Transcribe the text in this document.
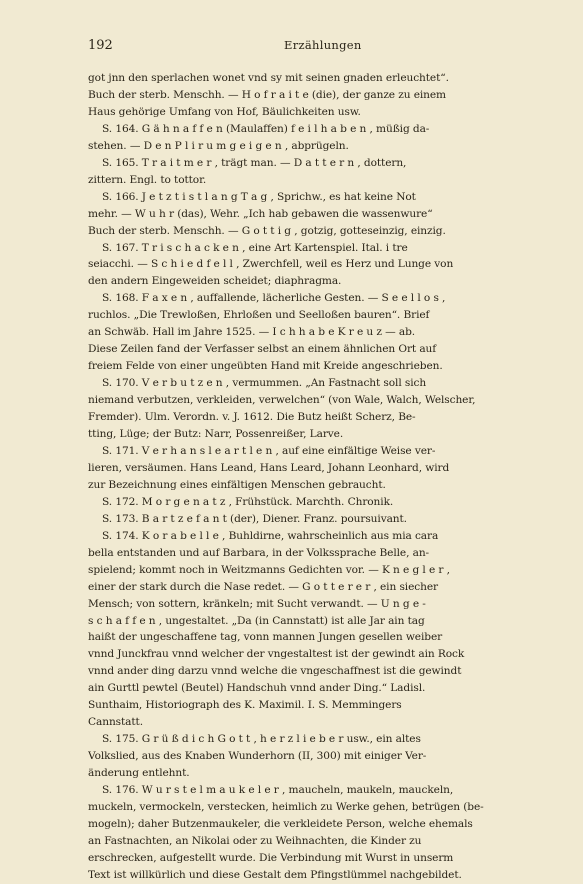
192	Erzählungen
got jnn den sperlachen wonet vnd sy mit seinen gnaden erleuchtet“.
Buch der sterb. Menschh. — H o f r a i t e (die), der ganze zu einem
Haus gehörige Umfang von Hof, Bäulichkeiten usw.
S. 164. G ä h n a f f e n (Maulaffen) f e i l h a b e n , müßig da-
stehen. — D e n P l i r u m g e i g e n , abprügeln.
S. 165. T r a i t m e r , trägt man. — D a t t e r n , dottern,
zittern. Engl. to tottor.
S. 166. J e t z t i s t l a n g T a g , Sprichw., es hat keine Not
mehr. — W u h r (das), Wehr. „Ich hab gebawen die wassenwure“
Buch der sterb. Menschh. — G o t t i g , gotzig, gotteseinzig, einzig.
S. 167. T r i s c h a c k e n , eine Art Kartenspiel. Ital. i tre
seiacchi. — S c h i e d f e l l , Zwerchfell, weil es Herz und Lunge von
den andern Eingeweiden scheidet; diaphragma.
S. 168. F a x e n , auffallende, lächerliche Gesten. — S e e l l o s ,
ruchlos. „Die Trewloßen, Ehrloßen und Seelloßen bauren“. Brief
an Schwäb. Hall im Jahre 1525. — I c h h a b e K r e u z — ab.
Diese Zeilen fand der Verfasser selbst an einem ähnlichen Ort auf
freiem Felde von einer ungeübten Hand mit Kreide angeschrieben.
S. 170. V e r b u t z e n , vermummen. „An Fastnacht soll sich
niemand verbutzen, verkleiden, verwelchen“ (von Wale, Walch, Welscher,
Fremder). Ulm. Verordn. v. J. 1612. Die Butz heißt Scherz, Be-
tting, Lüge; der Butz: Narr, Possenreißer, Larve.
S. 171. V e r h a n s l e a r t l e n , auf eine einfältige Weise ver-
lieren, versäumen. Hans Leand, Hans Leard, Johann Leonhard, wird
zur Bezeichnung eines einfältigen Menschen gebraucht.
S. 172. M o r g e n a t z , Frühstück. Marchth. Chronik.
S. 173. B a r t z e f a n t (der), Diener. Franz. poursuivant.
S. 174. K o r a b e l l e , Buhldirne, wahrscheinlich aus mia cara
bella entstanden und auf Barbara, in der Volkssprache Belle, an-
spielend; kommt noch in Weitzmanns Gedichten vor. — K n e g l e r ,
einer der stark durch die Nase redet. — G o t t e r e r , ein siecher
Mensch; von sottern, kränkeln; mit Sucht verwandt. — U n g e -
s c h a f f e n , ungestaltet. „Da (in Cannstatt) ist alle Jar ain tag
haißt der ungeschaffene tag, vonn mannen Jungen gesellen weiber
vnnd Junckfrau vnnd welcher der vngestaltest ist der gewindt ain Rock
vnnd ander ding darzu vnnd welche die vngeschaffnest ist die gewindt
ain Gurttl pewtel (Beutel) Handschuh vnnd ander Ding.“ Ladisl.
Sunthaim, Historiograph des K. Maximil. I. S. Memmingers
Cannstatt.
S. 175. G r ü ß d i c h G o t t , h e r z l i e b e r usw., ein altes
Volkslied, aus des Knaben Wunderhorn (II, 300) mit einiger Ver-
änderung entlehnt.
S. 176. W u r s t e l m a u k e l e r , maucheln, maukeln, mauckeln,
muckeln, vermockeln, verstecken, heimlich zu Werke gehen, betrügen (be-
mogeln); daher Butzenmaukeler, die verkleidete Person, welche ehemals
an Fastnachten, an Nikolai oder zu Weihnachten, die Kinder zu
erschrecken, aufgestellt wurde. Die Verbindung mit Wurst in unserm
Text ist willkürlich und diese Gestalt dem Pfingstlümmel nachgebildet.
